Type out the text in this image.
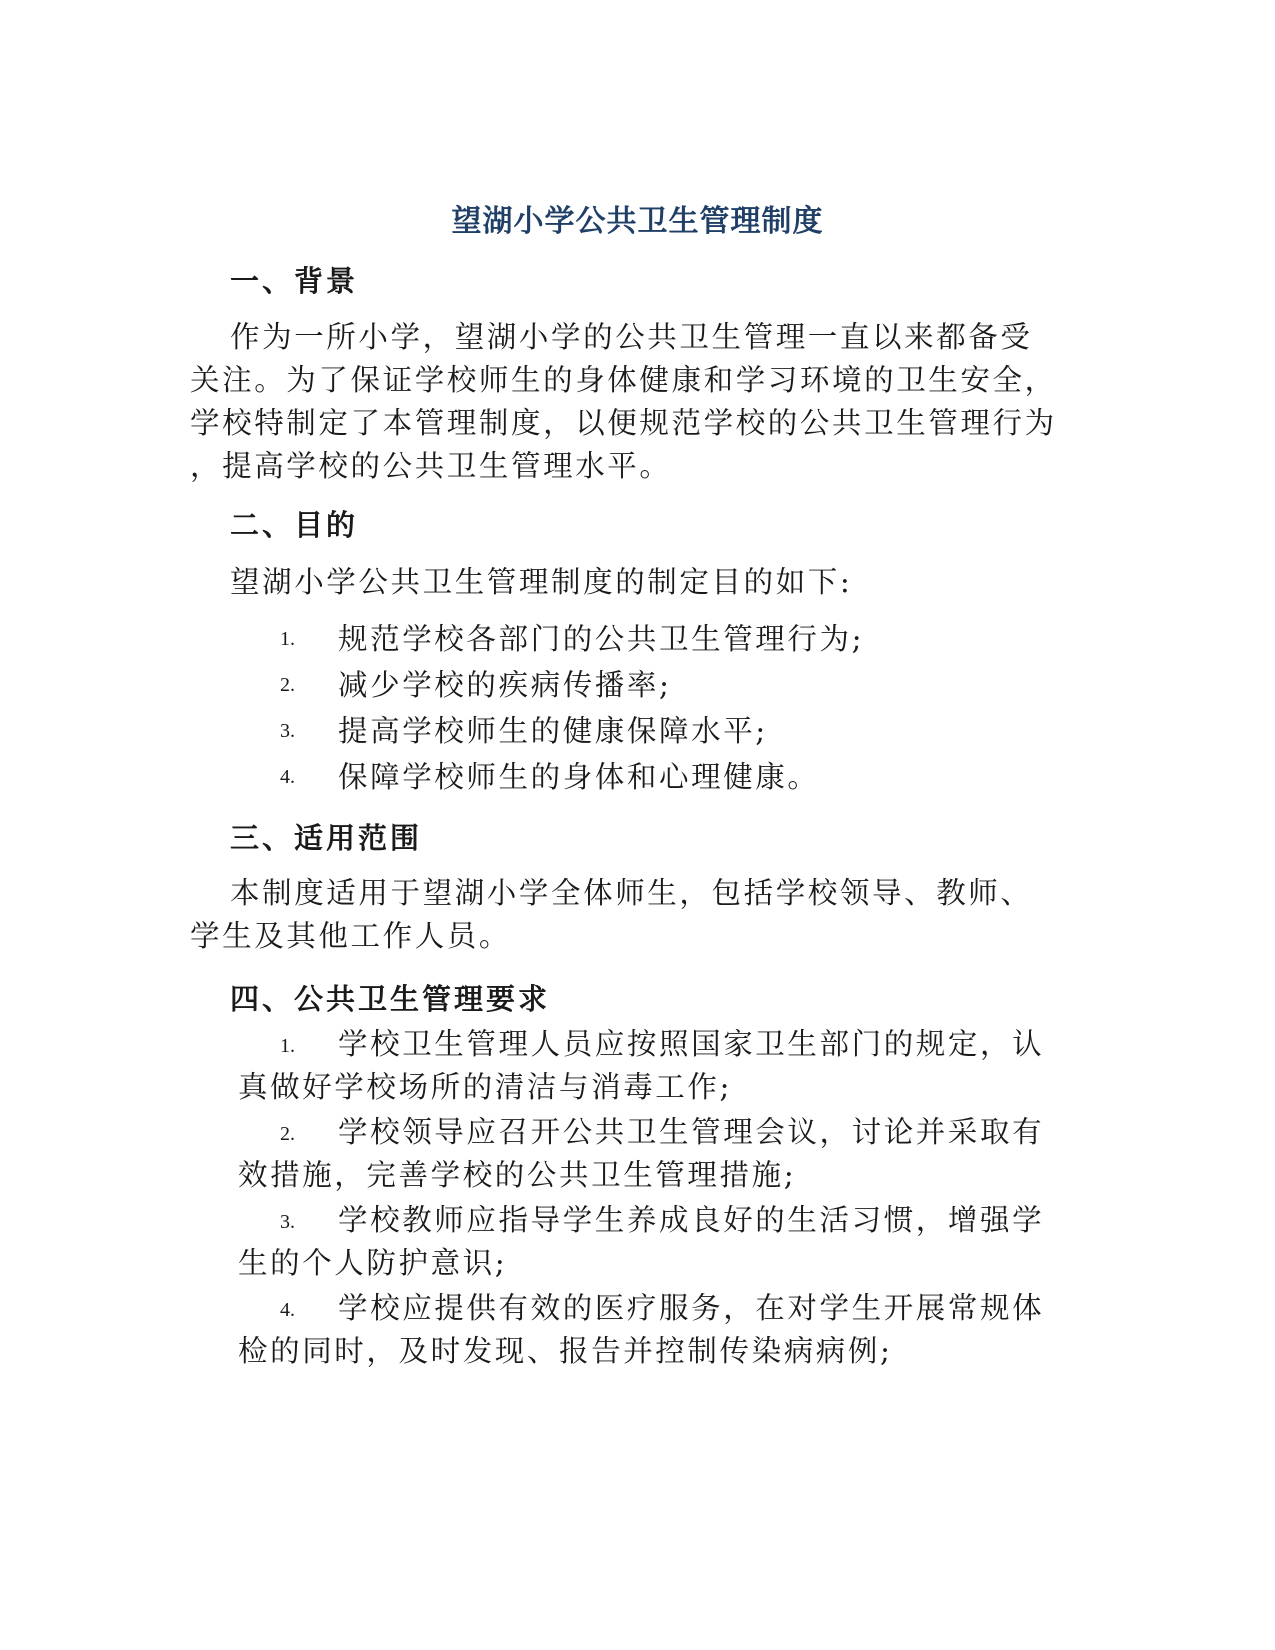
望湖小学公共卫生管理制度
一、背景
作为一所小学，望湖小学的公共卫生管理一直以来都备受
关注。为了保证学校师生的身体健康和学习环境的卫生安全，
学校特制定了本管理制度，以便规范学校的公共卫生管理行为
，提高学校的公共卫生管理水平。
二、目的
望湖小学公共卫生管理制度的制定目的如下:
1. 规范学校各部门的公共卫生管理行为;
2. 减少学校的疾病传播率;
3. 提高学校师生的健康保障水平;
4. 保障学校师生的身体和心理健康。
三、适用范围
本制度适用于望湖小学全体师生，包括学校领导、教师、
学生及其他工作人员。
四、公共卫生管理要求
1. 学校卫生管理人员应按照国家卫生部门的规定，认
真做好学校场所的清洁与消毒工作;
2. 学校领导应召开公共卫生管理会议，讨论并采取有
效措施，完善学校的公共卫生管理措施;
3. 学校教师应指导学生养成良好的生活习惯，增强学
生的个人防护意识;
4. 学校应提供有效的医疗服务，在对学生开展常规体
检的同时，及时发现、报告并控制传染病病例;
